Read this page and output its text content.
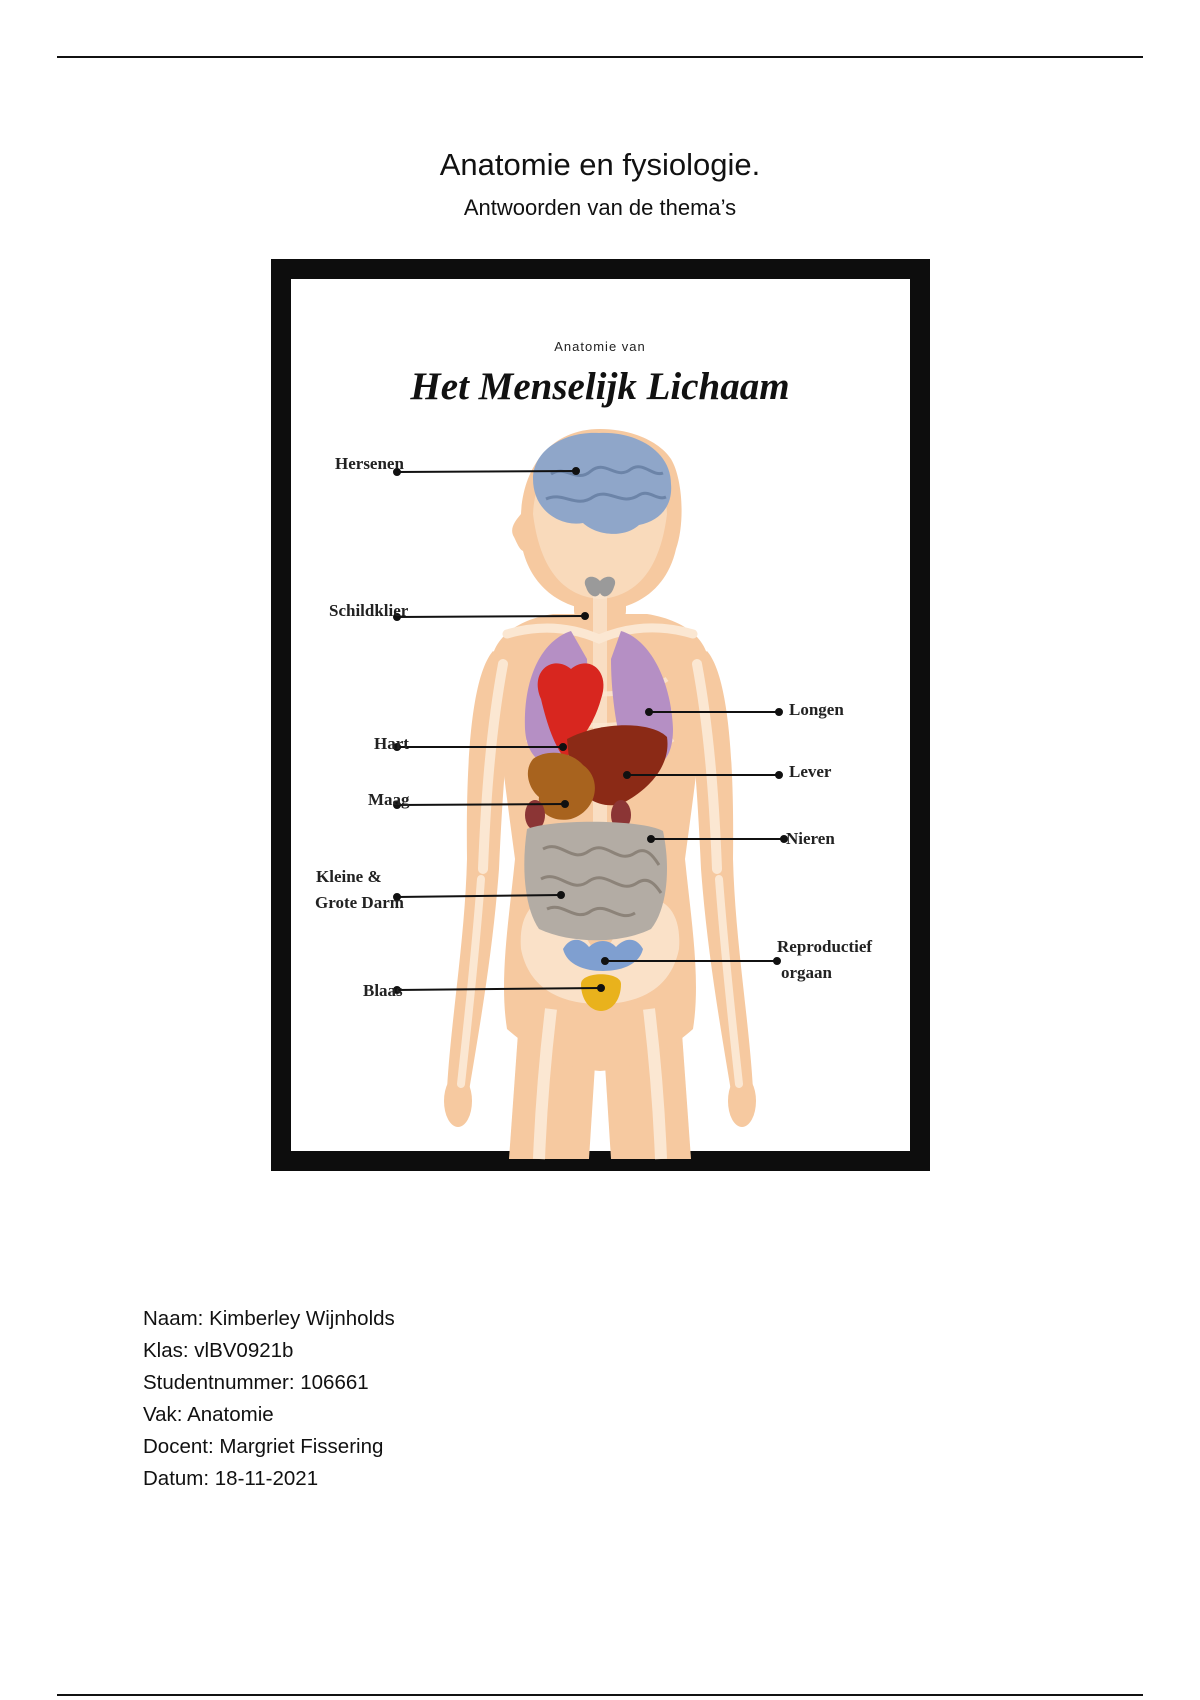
Anatomie en fysiologie.
Antwoorden van de thema’s
Anatomie van
Het Menselijk Lichaam
Hersenen
Schildklier
Hart
Maag
Kleine &
Grote Darm
Blaas
Longen
Lever
Nieren
Reproductief
orgaan
Naam: Kimberley Wijnholds
Klas: vlBV0921b
Studentnummer: 106661
Vak: Anatomie
Docent: Margriet Fissering
Datum: 18-11-2021
